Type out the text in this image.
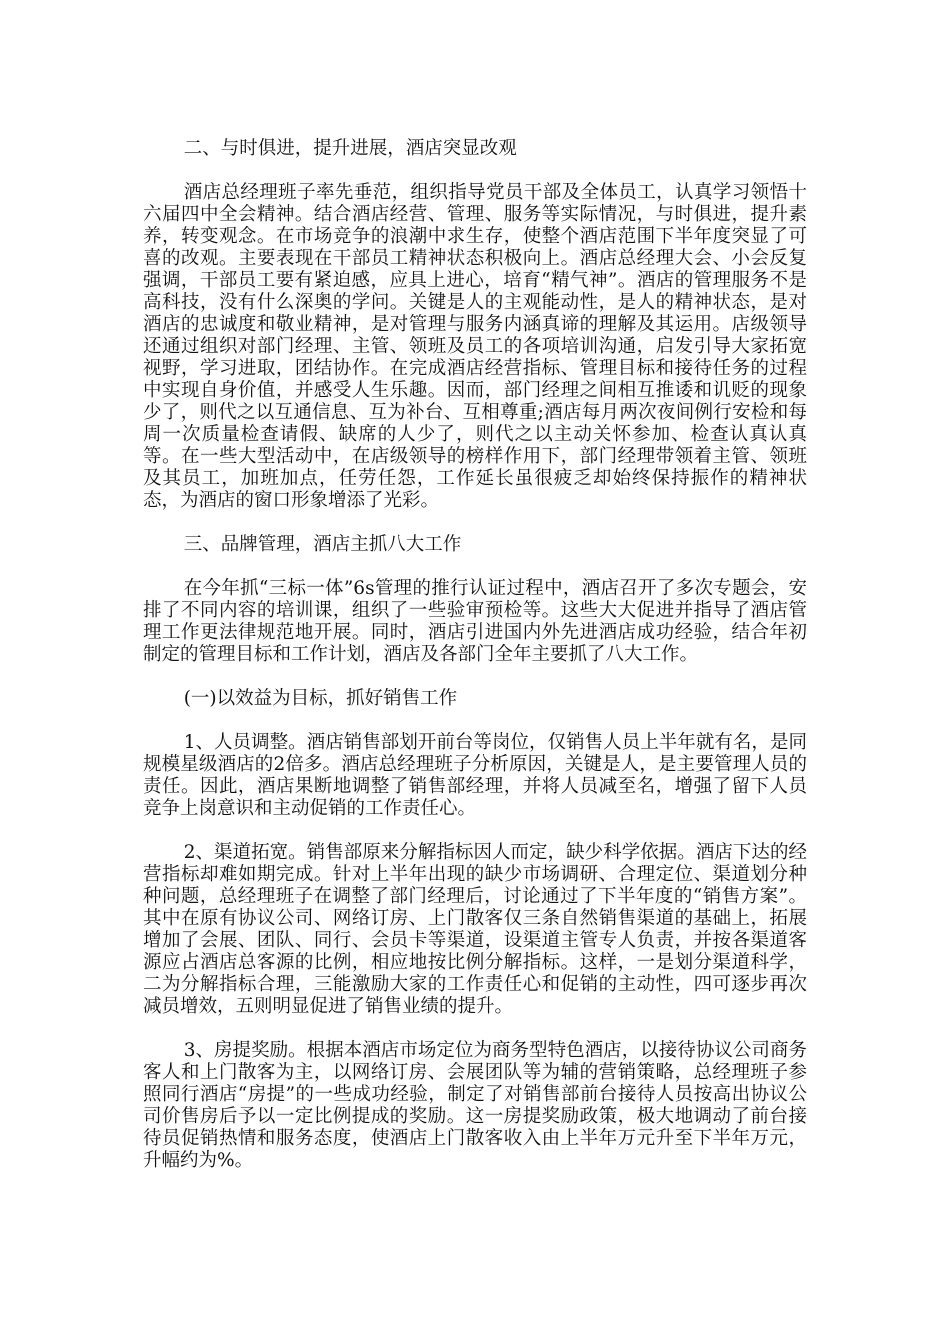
二、与时俱进，提升进展，酒店突显改观

酒店总经理班子率先垂范，组织指导党员干部及全体员工，认真学习领悟十六届四中全会精神。结合酒店经营、管理、服务等实际情况，与时俱进，提升素养，转变观念。在市场竞争的浪潮中求生存，使整个酒店范围下半年度突显了可喜的改观。主要表现在干部员工精神状态积极向上。酒店总经理大会、小会反复强调，干部员工要有紧迫感，应具上进心，培育“精气神”。酒店的管理服务不是高科技，没有什么深奥的学问。关键是人的主观能动性，是人的精神状态，是对酒店的忠诚度和敬业精神，是对管理与服务内涵真谛的理解及其运用。店级领导还通过组织对部门经理、主管、领班及员工的各项培训沟通，启发引导大家拓宽视野，学习进取，团结协作。在完成酒店经营指标、管理目标和接待任务的过程中实现自身价值，并感受人生乐趣。因而，部门经理之间相互推诿和讥贬的现象少了，则代之以互通信息、互为补台、互相尊重;酒店每月两次夜间例行安检和每周一次质量检查请假、缺席的人少了，则代之以主动关怀参加、检查认真认真等。在一些大型活动中，在店级领导的榜样作用下，部门经理带领着主管、领班及其员工，加班加点，任劳任怨，工作延长虽很疲乏却始终保持振作的精神状态，为酒店的窗口形象增添了光彩。

三、品牌管理，酒店主抓八大工作

在今年抓“三标一体”6s管理的推行认证过程中，酒店召开了多次专题会，安排了不同内容的培训课，组织了一些验审预检等。这些大大促进并指导了酒店管理工作更法律规范地开展。同时，酒店引进国内外先进酒店成功经验，结合年初制定的管理目标和工作计划，酒店及各部门全年主要抓了八大工作。

(一)以效益为目标，抓好销售工作

1、人员调整。酒店销售部划开前台等岗位，仅销售人员上半年就有名，是同规模星级酒店的2倍多。酒店总经理班子分析原因，关键是人，是主要管理人员的责任。因此，酒店果断地调整了销售部经理，并将人员减至名，增强了留下人员竞争上岗意识和主动促销的工作责任心。

2、渠道拓宽。销售部原来分解指标因人而定，缺少科学依据。酒店下达的经营指标却难如期完成。针对上半年出现的缺少市场调研、合理定位、渠道划分种种问题，总经理班子在调整了部门经理后，讨论通过了下半年度的“销售方案”。其中在原有协议公司、网络订房、上门散客仅三条自然销售渠道的基础上，拓展增加了会展、团队、同行、会员卡等渠道，设渠道主管专人负责，并按各渠道客源应占酒店总客源的比例，相应地按比例分解指标。这样，一是划分渠道科学，二为分解指标合理，三能激励大家的工作责任心和促销的主动性，四可逐步再次减员增效，五则明显促进了销售业绩的提升。

3、房提奖励。根据本酒店市场定位为商务型特色酒店，以接待协议公司商务客人和上门散客为主，以网络订房、会展团队等为辅的营销策略，总经理班子参照同行酒店“房提”的一些成功经验，制定了对销售部前台接待人员按高出协议公司价售房后予以一定比例提成的奖励。这一房提奖励政策，极大地调动了前台接待员促销热情和服务态度，使酒店上门散客收入由上半年万元升至下半年万元，升幅约为%。
